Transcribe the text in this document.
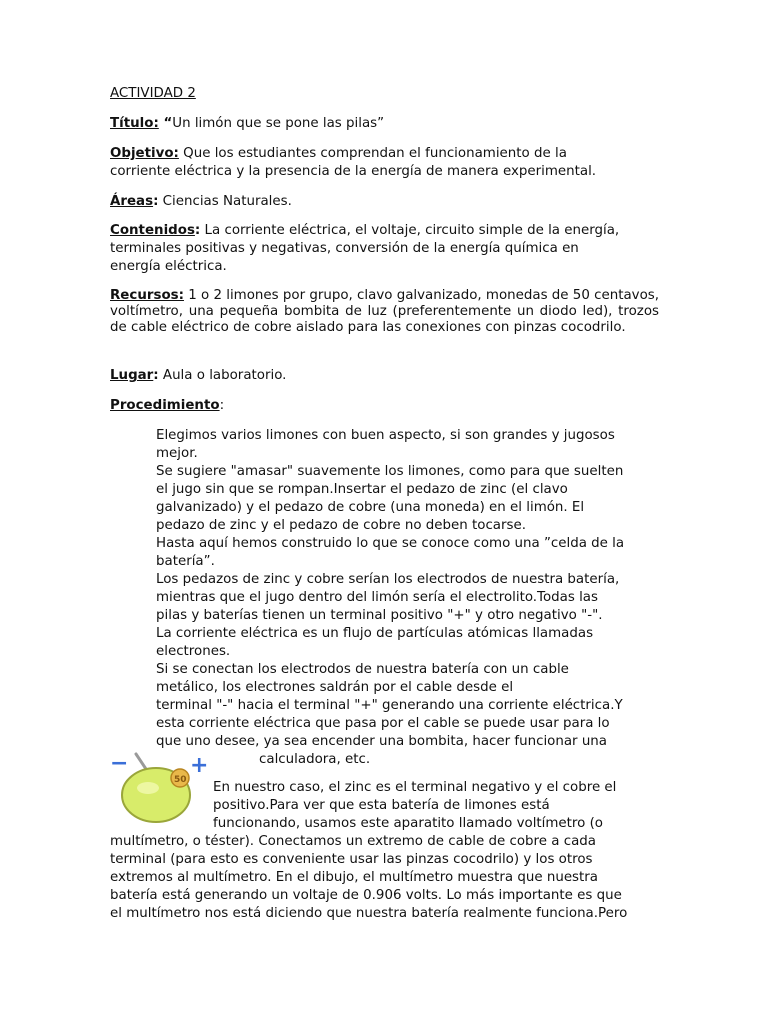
ACTIVIDAD 2

Título: “Un limón que se pone las pilas”

Objetivo: Que los estudiantes comprendan el funcionamiento de la
corriente eléctrica y la presencia de la energía de manera experimental.

Áreas: Ciencias Naturales.

Contenidos: La corriente eléctrica, el voltaje, circuito simple de la energía,
terminales positivas y negativas, conversión de la energía química en
energía eléctrica.

Recursos: 1 o 2 limones por grupo, clavo galvanizado, monedas de 50 centavos, voltímetro, una pequeña bombita de luz (preferentemente un diodo led), trozos de cable eléctrico de cobre aislado para las conexiones con pinzas cocodrilo.

Lugar: Aula o laboratorio.

Procedimiento:

Elegimos varios limones con buen aspecto, si son grandes y jugosos
mejor.
Se sugiere "amasar" suavemente los limones, como para que suelten
el jugo sin que se rompan.Insertar el pedazo de zinc (el clavo
galvanizado) y el pedazo de cobre (una moneda) en el limón. El
pedazo de zinc y el pedazo de cobre no deben tocarse.
Hasta aquí hemos construido lo que se conoce como una ”celda de la
batería”.
Los pedazos de zinc y cobre serían los electrodos de nuestra batería,
mientras que el jugo dentro del limón sería el electrolito.Todas las
pilas y baterías tienen un terminal positivo "+" y otro negativo "-".
La corriente eléctrica es un flujo de partículas atómicas llamadas
electrones.
Si se conectan los electrodos de nuestra batería con un cable
metálico, los electrones saldrán por el cable desde el
terminal "-" hacia el terminal "+" generando una corriente eléctrica.Y
esta corriente eléctrica que pasa por el cable se puede usar para lo
que uno desee, ya sea encender una bombita, hacer funcionar una
calculadora, etc.
−	+
50 En nuestro caso, el zinc es el terminal negativo y el cobre el
positivo.Para ver que esta batería de limones está
funcionando, usamos este aparatito llamado voltímetro (o
multímetro, o téster). Conectamos un extremo de cable de cobre a cada
terminal (para esto es conveniente usar las pinzas cocodrilo) y los otros
extremos al multímetro. En el dibujo, el multímetro muestra que nuestra
batería está generando un voltaje de 0.906 volts. Lo más importante es que
el multímetro nos está diciendo que nuestra batería realmente funciona.Pero
